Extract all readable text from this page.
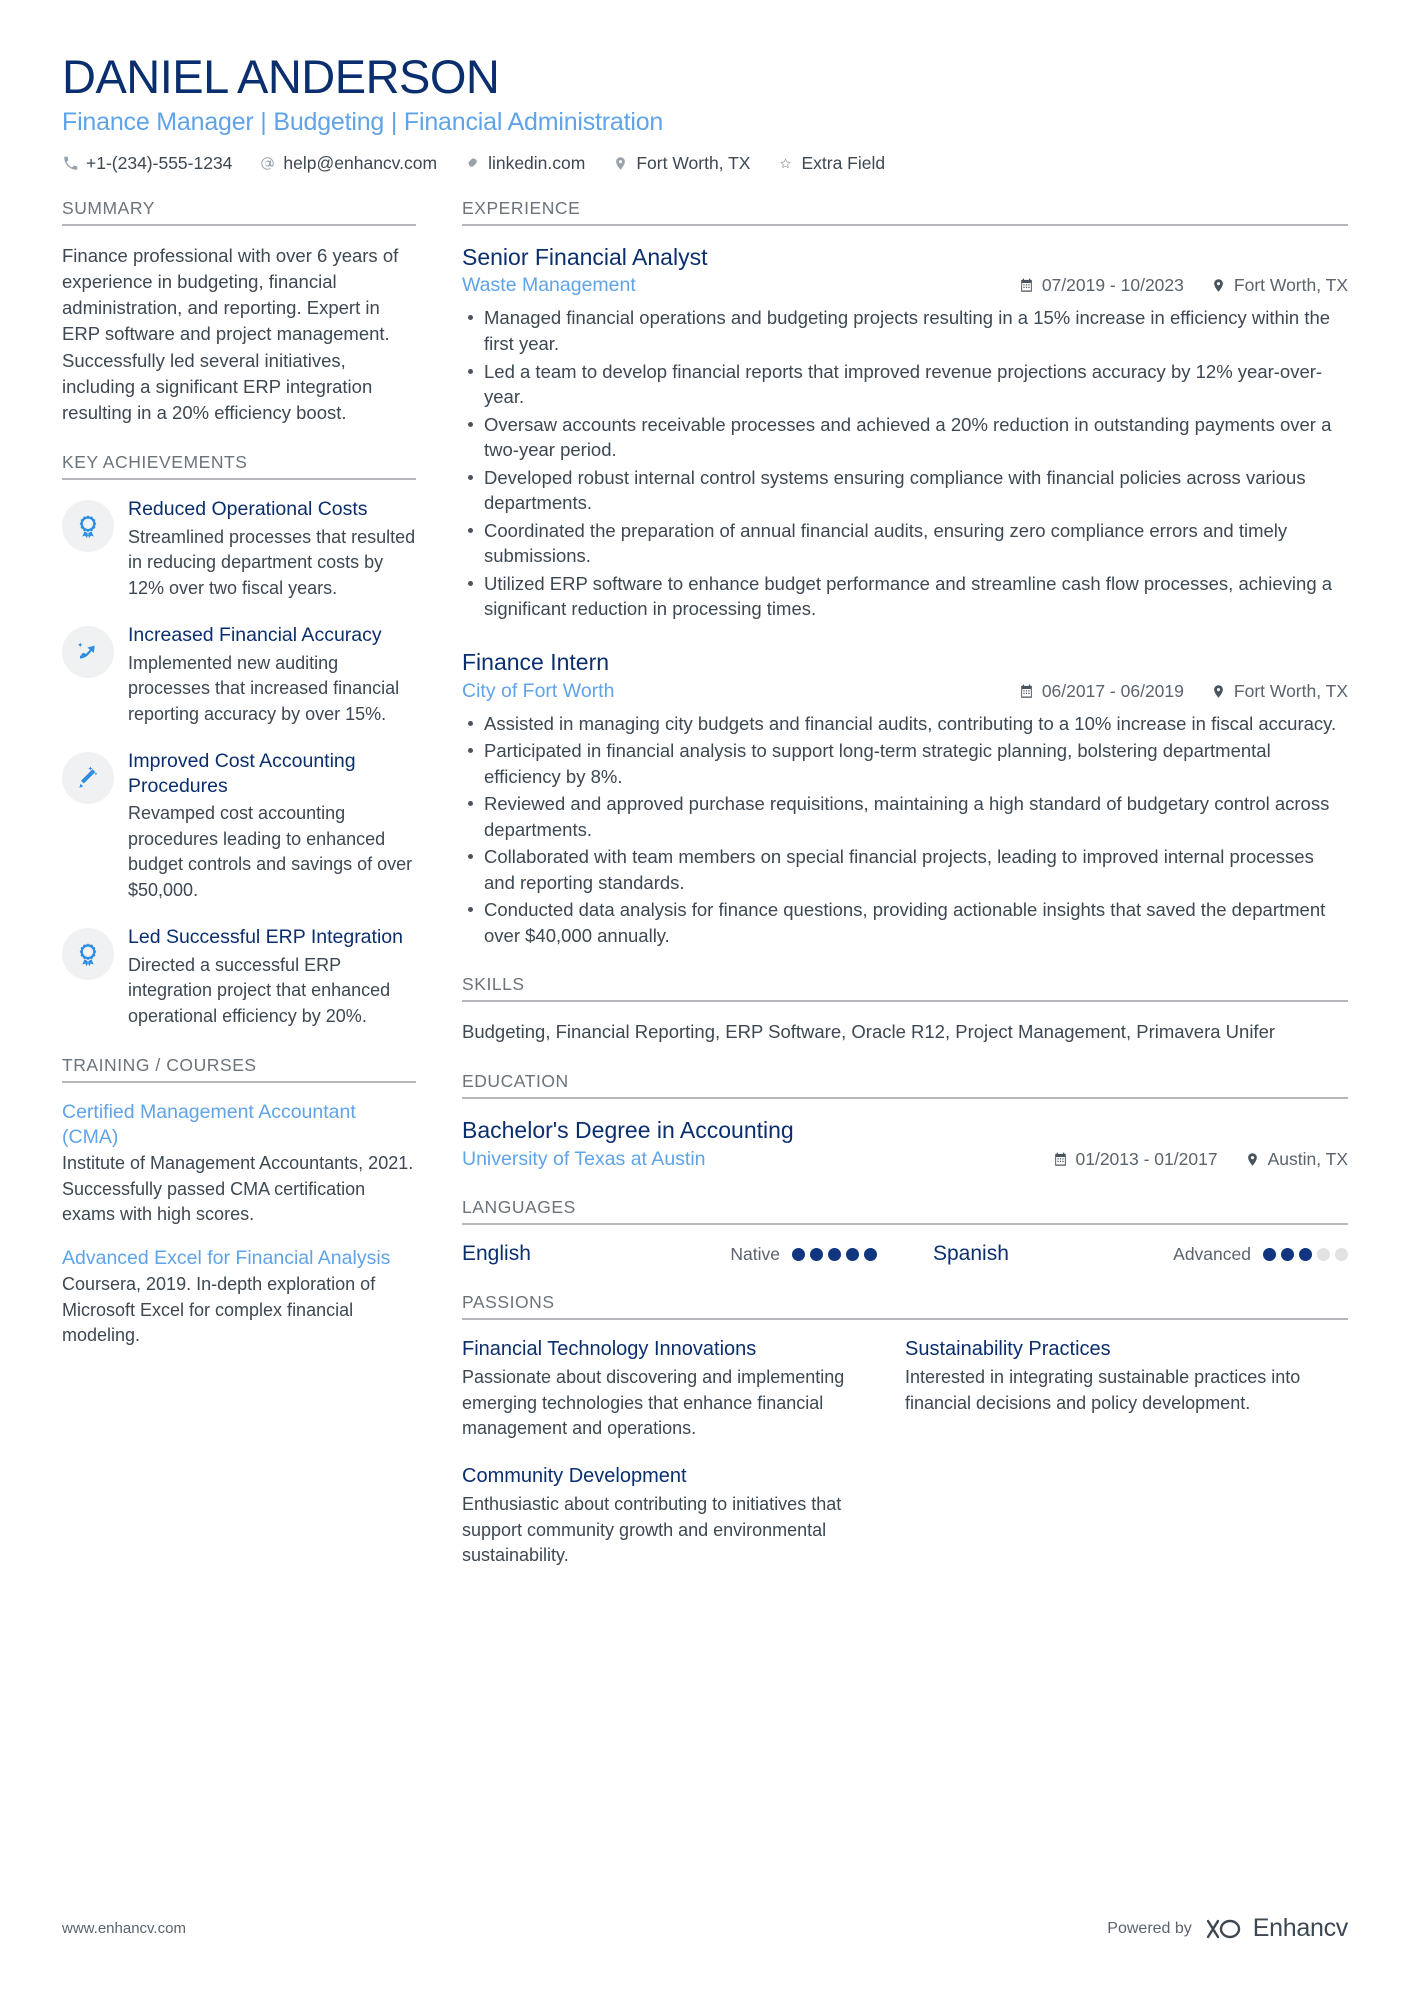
DANIEL ANDERSON
Finance Manager | Budgeting | Financial Administration
+1-(234)-555-1234	help@enhancv.com	linkedin.com	Fort Worth, TX	Extra Field
SUMMARY
Finance professional with over 6 years of experience in budgeting, financial administration, and reporting. Expert in ERP software and project management. Successfully led several initiatives, including a significant ERP integration resulting in a 20% efficiency boost.
KEY ACHIEVEMENTS
1
Reduced Operational Costs
Streamlined processes that resulted in reducing department costs by 12% over two fiscal years.
Increased Financial Accuracy
Implemented new auditing processes that increased financial reporting accuracy by over 15%.
Improved Cost Accounting Procedures
Revamped cost accounting procedures leading to enhanced budget controls and savings of over $50,000.
1
Led Successful ERP Integration
Directed a successful ERP integration project that enhanced operational efficiency by 20%.
TRAINING / COURSES
Certified Management Accountant (CMA)
Institute of Management Accountants, 2021. Successfully passed CMA certification exams with high scores.
Advanced Excel for Financial Analysis
Coursera, 2019. In-depth exploration of Microsoft Excel for complex financial modeling.
EXPERIENCE
Senior Financial Analyst
Waste Management	07/2019 - 10/2023	Fort Worth, TX
Managed financial operations and budgeting projects resulting in a 15% increase in efficiency within the first year.
Led a team to develop financial reports that improved revenue projections accuracy by 12% year-over-year.
Oversaw accounts receivable processes and achieved a 20% reduction in outstanding payments over a two-year period.
Developed robust internal control systems ensuring compliance with financial policies across various departments.
Coordinated the preparation of annual financial audits, ensuring zero compliance errors and timely submissions.
Utilized ERP software to enhance budget performance and streamline cash flow processes, achieving a significant reduction in processing times.
Finance Intern
City of Fort Worth	06/2017 - 06/2019	Fort Worth, TX
Assisted in managing city budgets and financial audits, contributing to a 10% increase in fiscal accuracy.
Participated in financial analysis to support long-term strategic planning, bolstering departmental efficiency by 8%.
Reviewed and approved purchase requisitions, maintaining a high standard of budgetary control across departments.
Collaborated with team members on special financial projects, leading to improved internal processes and reporting standards.
Conducted data analysis for finance questions, providing actionable insights that saved the department over $40,000 annually.
SKILLS
Budgeting, Financial Reporting, ERP Software, Oracle R12, Project Management, Primavera Unifer
EDUCATION
Bachelor's Degree in Accounting
University of Texas at Austin	01/2013 - 01/2017	Austin, TX
LANGUAGES
English	Native	Spanish	Advanced
PASSIONS
Financial Technology Innovations
Passionate about discovering and implementing emerging technologies that enhance financial management and operations.
Sustainability Practices
Interested in integrating sustainable practices into financial decisions and policy development.
Community Development
Enthusiastic about contributing to initiatives that support community growth and environmental sustainability.
www.enhancv.com	Powered by Enhancv
